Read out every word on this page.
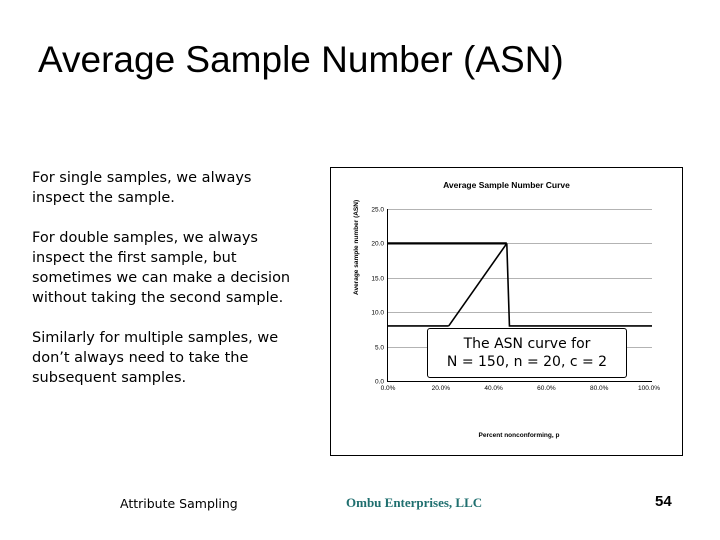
Average Sample Number (ASN)

For single samples, we always inspect the sample.

For double samples, we always inspect the first sample, but sometimes we can make a decision without taking the second sample.

Similarly for multiple samples, we don’t always need to take the subsequent samples.

Average Sample Number Curve
Average sample number (ASN)
Percent nonconforming, p
25.0
20.0
15.0
10.0
5.0
0.0
0.0%	20.0%	40.0%	60.0%	80.0%	100.0%
The ASN curve for
N = 150, n = 20, c = 2
Attribute Sampling	Ombu Enterprises, LLC	54
